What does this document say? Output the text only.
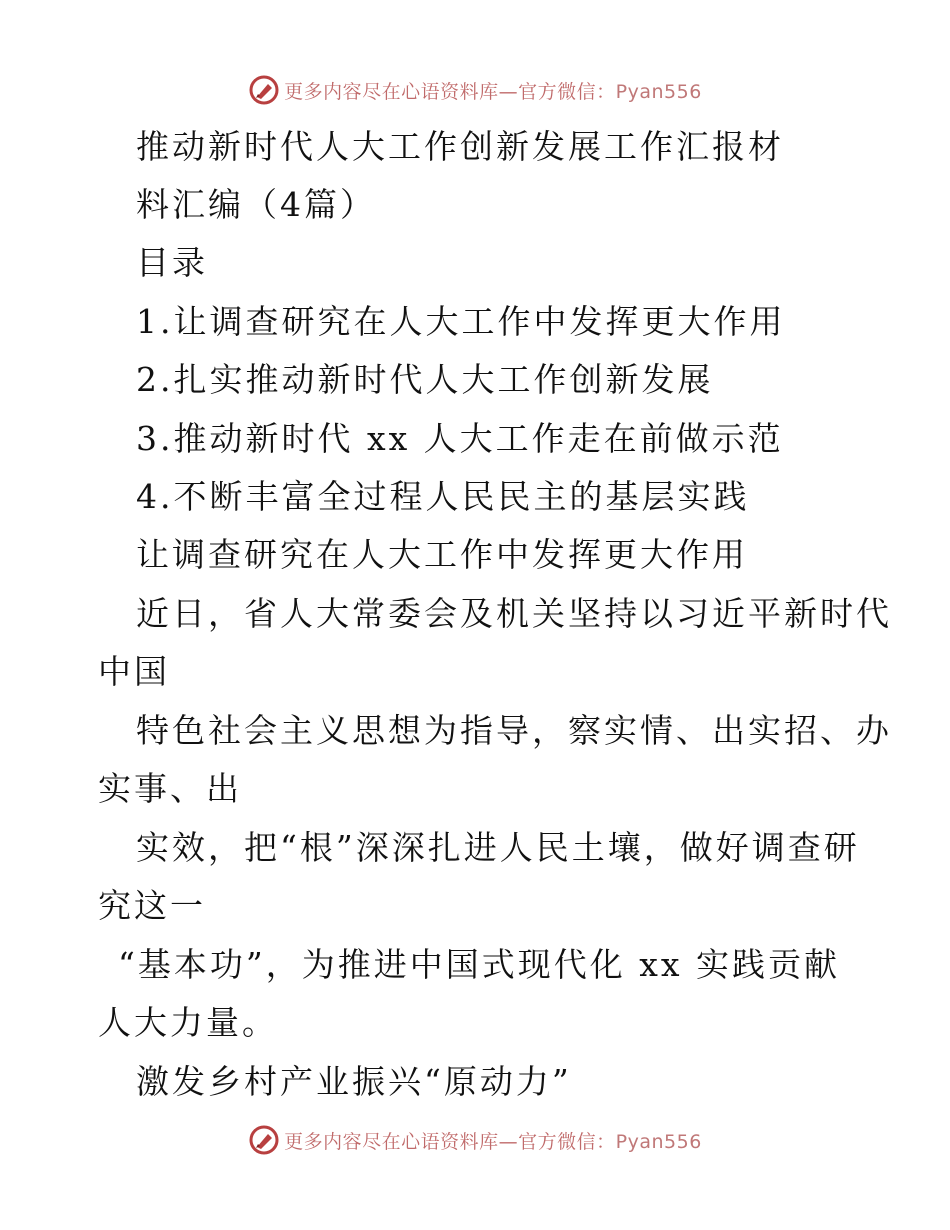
更多内容尽在心语资料库—官方微信：Pyan556
推动新时代人大工作创新发展工作汇报材
料汇编（4篇）
目录
1.让调查研究在人大工作中发挥更大作用
2.扎实推动新时代人大工作创新发展
3.推动新时代 xx 人大工作走在前做示范
4.不断丰富全过程人民民主的基层实践
让调查研究在人大工作中发挥更大作用
近日，省人大常委会及机关坚持以习近平新时代
中国
特色社会主义思想为指导，察实情、出实招、办
实事、出
实效，把“根”深深扎进人民土壤，做好调查研
究这一
“基本功”，为推进中国式现代化 xx 实践贡献
人大力量。
激发乡村产业振兴“原动力”
更多内容尽在心语资料库—官方微信：Pyan556
